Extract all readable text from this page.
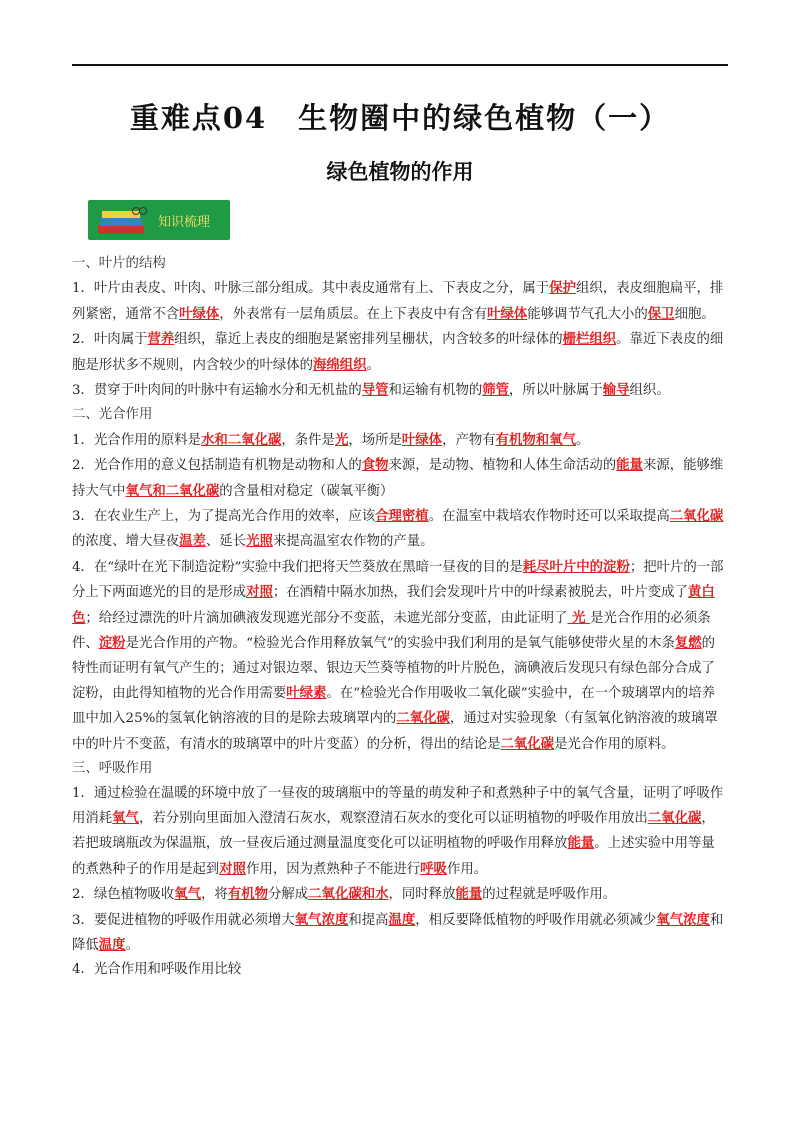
重难点04　生物圈中的绿色植物（一）
绿色植物的作用
知识梳理

一、叶片的结构

1．叶片由表皮、叶肉、叶脉三部分组成。其中表皮通常有上、下表皮之分，属于保护组织，表皮细胞扁平，排列紧密，通常不含叶绿体，外表常有一层角质层。在上下表皮中有含有叶绿体能够调节气孔大小的保卫细胞。

2．叶肉属于营养组织，靠近上表皮的细胞是紧密排列呈栅状，内含较多的叶绿体的栅栏组织。靠近下表皮的细胞是形状多不规则，内含较少的叶绿体的海绵组织。

3．贯穿于叶肉间的叶脉中有运输水分和无机盐的导管和运输有机物的筛管，所以叶脉属于输导组织。

二、光合作用

1．光合作用的原料是水和二氧化碳，条件是光，场所是叶绿体，产物有有机物和氧气。

2．光合作用的意义包括制造有机物是动物和人的食物来源，是动物、植物和人体生命活动的能量来源，能够维持大气中氧气和二氧化碳的含量相对稳定（碳氧平衡）

3．在农业生产上，为了提高光合作用的效率，应该合理密植。在温室中栽培农作物时还可以采取提高二氧化碳的浓度、增大昼夜温差、延长光照来提高温室农作物的产量。

4．在“绿叶在光下制造淀粉”实验中我们把将天竺葵放在黑暗一昼夜的目的是耗尽叶片中的淀粉；把叶片的一部分上下两面遮光的目的是形成对照；在酒精中隔水加热，我们会发现叶片中的叶绿素被脱去，叶片变成了黄白色；给经过漂洗的叶片滴加碘液发现遮光部分不变蓝，未遮光部分变蓝，由此证明了 光 是光合作用的必须条件、淀粉是光合作用的产物。“检验光合作用释放氧气”的实验中我们利用的是氧气能够使带火星的木条复燃的特性而证明有氧气产生的；通过对银边翠、银边天竺葵等植物的叶片脱色，滴碘液后发现只有绿色部分合成了淀粉，由此得知植物的光合作用需要叶绿素。在“检验光合作用吸收二氧化碳”实验中，在一个玻璃罩内的培养皿中加入25%的氢氧化钠溶液的目的是除去玻璃罩内的二氧化碳，通过对实验现象（有氢氧化钠溶液的玻璃罩中的叶片不变蓝，有清水的玻璃罩中的叶片变蓝）的分析，得出的结论是二氧化碳是光合作用的原料。

三、呼吸作用

1．通过检验在温暖的环境中放了一昼夜的玻璃瓶中的等量的萌发种子和煮熟种子中的氧气含量，证明了呼吸作用消耗氧气，若分别向里面加入澄清石灰水，观察澄清石灰水的变化可以证明植物的呼吸作用放出二氧化碳，若把玻璃瓶改为保温瓶，放一昼夜后通过测量温度变化可以证明植物的呼吸作用释放能量。上述实验中用等量的煮熟种子的作用是起到对照作用，因为煮熟种子不能进行呼吸作用。

2．绿色植物吸收氧气，将有机物分解成二氧化碳和水，同时释放能量的过程就是呼吸作用。

3．要促进植物的呼吸作用就必须增大氧气浓度和提高温度，相反要降低植物的呼吸作用就必须减少氧气浓度和降低温度。

4．光合作用和呼吸作用比较
